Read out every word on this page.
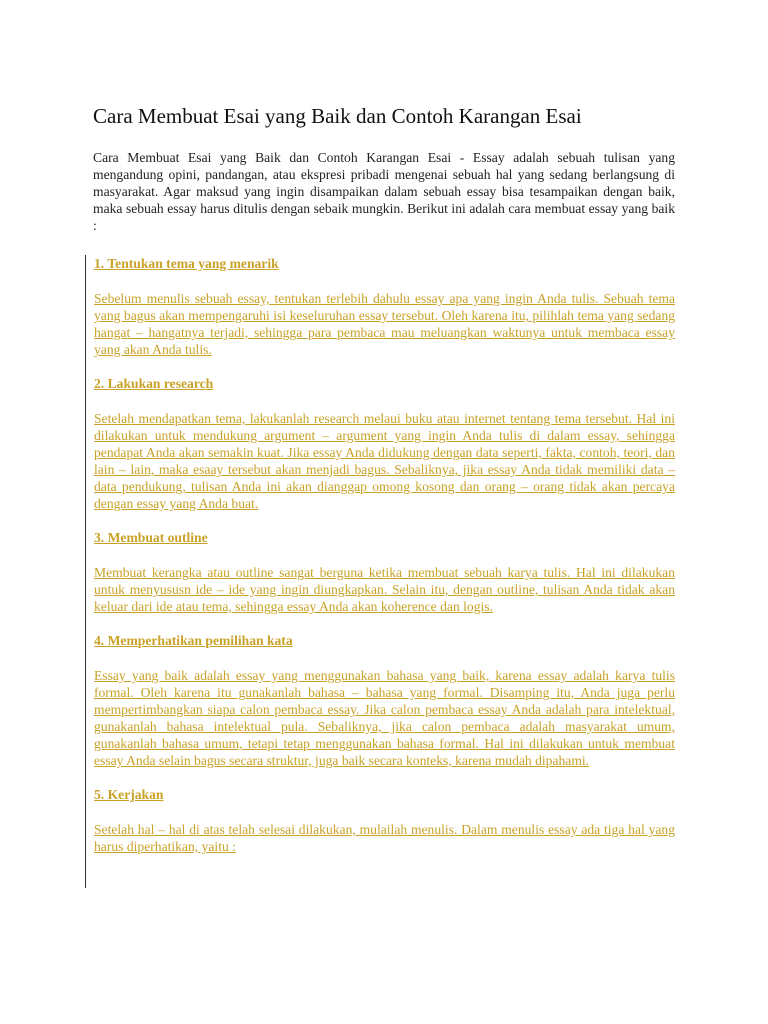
Cara Membuat Esai yang Baik dan Contoh Karangan Esai

Cara Membuat Esai yang Baik dan Contoh Karangan Esai - Essay adalah sebuah tulisan yang mengandung opini, pandangan, atau ekspresi pribadi mengenai sebuah hal yang sedang berlangsung di masyarakat. Agar maksud yang ingin disampaikan dalam sebuah essay bisa tesampaikan dengan baik, maka sebuah essay harus ditulis dengan sebaik mungkin. Berikut ini adalah cara membuat essay yang baik :

1. Tentukan tema yang menarik
Sebelum menulis sebuah essay, tentukan terlebih dahulu essay apa yang ingin Anda tulis. Sebuah tema yang bagus akan mempengaruhi isi keseluruhan essay tersebut. Oleh karena itu, pilihlah tema yang sedang hangat – hangatnya terjadi, sehingga para pembaca mau meluangkan waktunya untuk membaca essay yang akan Anda tulis.
2. Lakukan research
Setelah mendapatkan tema, lakukanlah research melaui buku atau internet tentang tema tersebut. Hal ini dilakukan untuk mendukung argument – argument yang ingin Anda tulis di dalam essay, sehingga pendapat Anda akan semakin kuat. Jika essay Anda didukung dengan data seperti, fakta, contoh, teori, dan lain – lain, maka esaay tersebut akan menjadi bagus. Sebaliknya, jika essay Anda tidak memiliki data – data pendukung, tulisan Anda ini akan dianggap omong kosong dan orang – orang tidak akan percaya dengan essay yang Anda buat.
3. Membuat outline
Membuat kerangka atau outline sangat berguna ketika membuat sebuah karya tulis. Hal ini dilakukan untuk menyususn ide – ide yang ingin diungkapkan. Selain itu, dengan outline, tulisan Anda tidak akan keluar dari ide atau tema, sehingga essay Anda akan koherence dan logis.
4. Memperhatikan pemilihan kata
Essay yang baik adalah essay yang menggunakan bahasa yang baik, karena essay adalah karya tulis formal. Oleh karena itu gunakanlah bahasa – bahasa yang formal. Disamping itu, Anda juga perlu mempertimbangkan siapa calon pembaca essay. Jika calon pembaca essay Anda adalah para intelektual, gunakanlah bahasa intelektual pula. Sebaliknya, jika calon pembaca adalah masyarakat umum, gunakanlah bahasa umum, tetapi tetap menggunakan bahasa formal. Hal ini dilakukan untuk membuat essay Anda selain bagus secara struktur, juga baik secara konteks, karena mudah dipahami.
5. Kerjakan
Setelah hal – hal di atas telah selesai dilakukan, mulailah menulis. Dalam menulis essay ada tiga hal yang harus diperhatikan, yaitu :
